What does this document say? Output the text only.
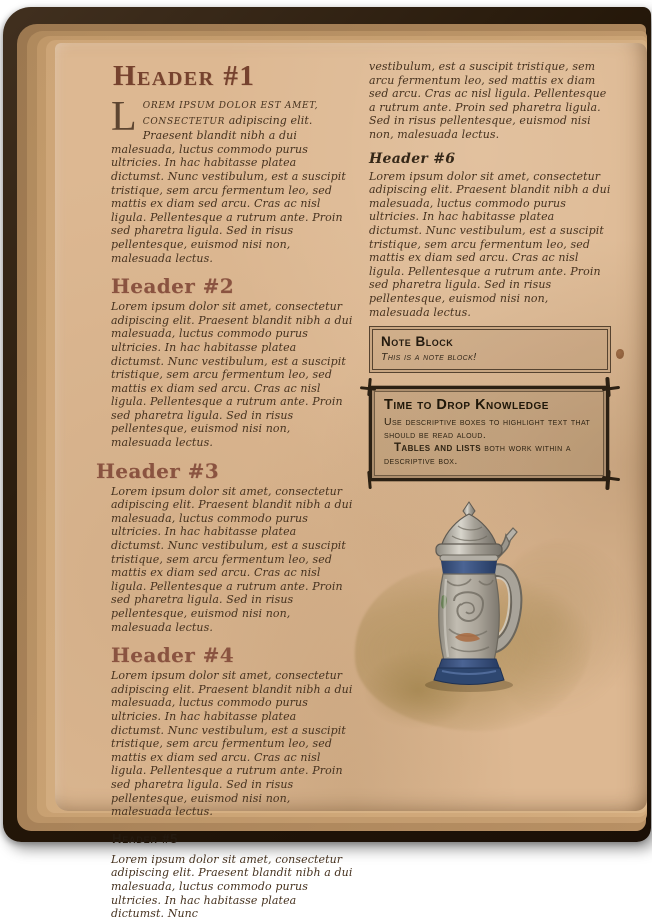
Header #1

LOREM IPSUM DOLOR EST AMET, CONSECTETUR adipiscing elit. Praesent blandit nibh a dui malesuada, luctus commodo purus ultricies. In hac habitasse platea dictumst. Nunc vestibulum, est a suscipit tristique, sem arcu fermentum leo, sed mattis ex diam sed arcu. Cras ac nisl ligula. Pellentesque a rutrum ante. Proin sed pharetra ligula. Sed in risus pellentesque, euismod nisi non, malesuada lectus.

Header #2

Lorem ipsum dolor sit amet, consectetur adipiscing elit. Praesent blandit nibh a dui malesuada, luctus commodo purus ultricies. In hac habitasse platea dictumst. Nunc vestibulum, est a suscipit tristique, sem arcu fermentum leo, sed mattis ex diam sed arcu. Cras ac nisl ligula. Pellentesque a rutrum ante. Proin sed pharetra ligula. Sed in risus pellentesque, euismod nisi non, malesuada lectus.

Header #3

Lorem ipsum dolor sit amet, consectetur adipiscing elit. Praesent blandit nibh a dui malesuada, luctus commodo purus ultricies. In hac habitasse platea dictumst. Nunc vestibulum, est a suscipit tristique, sem arcu fermentum leo, sed mattis ex diam sed arcu. Cras ac nisl ligula. Pellentesque a rutrum ante. Proin sed pharetra ligula. Sed in risus pellentesque, euismod nisi non, malesuada lectus.

Header #4

Lorem ipsum dolor sit amet, consectetur adipiscing elit. Praesent blandit nibh a dui malesuada, luctus commodo purus ultricies. In hac habitasse platea dictumst. Nunc vestibulum, est a suscipit tristique, sem arcu fermentum leo, sed mattis ex diam sed arcu. Cras ac nisl ligula. Pellentesque a rutrum ante. Proin sed pharetra ligula. Sed in risus pellentesque, euismod nisi non, malesuada lectus.

Header #5

Lorem ipsum dolor sit amet, consectetur adipiscing elit. Praesent blandit nibh a dui malesuada, luctus commodo purus ultricies. In hac habitasse platea dictumst. Nunc

vestibulum, est a suscipit tristique, sem arcu fermentum leo, sed mattis ex diam sed arcu. Cras ac nisl ligula. Pellentesque a rutrum ante. Proin sed pharetra ligula. Sed in risus pellentesque, euismod nisi non, malesuada lectus.

Header #6

Lorem ipsum dolor sit amet, consectetur adipiscing elit. Praesent blandit nibh a dui malesuada, luctus commodo purus ultricies. In hac habitasse platea dictumst. Nunc vestibulum, est a suscipit tristique, sem arcu fermentum leo, sed mattis ex diam sed arcu. Cras ac nisl ligula. Pellentesque a rutrum ante. Proin sed pharetra ligula. Sed in risus pellentesque, euismod nisi non, malesuada lectus.

Note Block
This is a note block!
Time to Drop Knowledge

Use descriptive boxes to highlight text that should be read aloud.

Tables and lists both work within a descriptive box.
